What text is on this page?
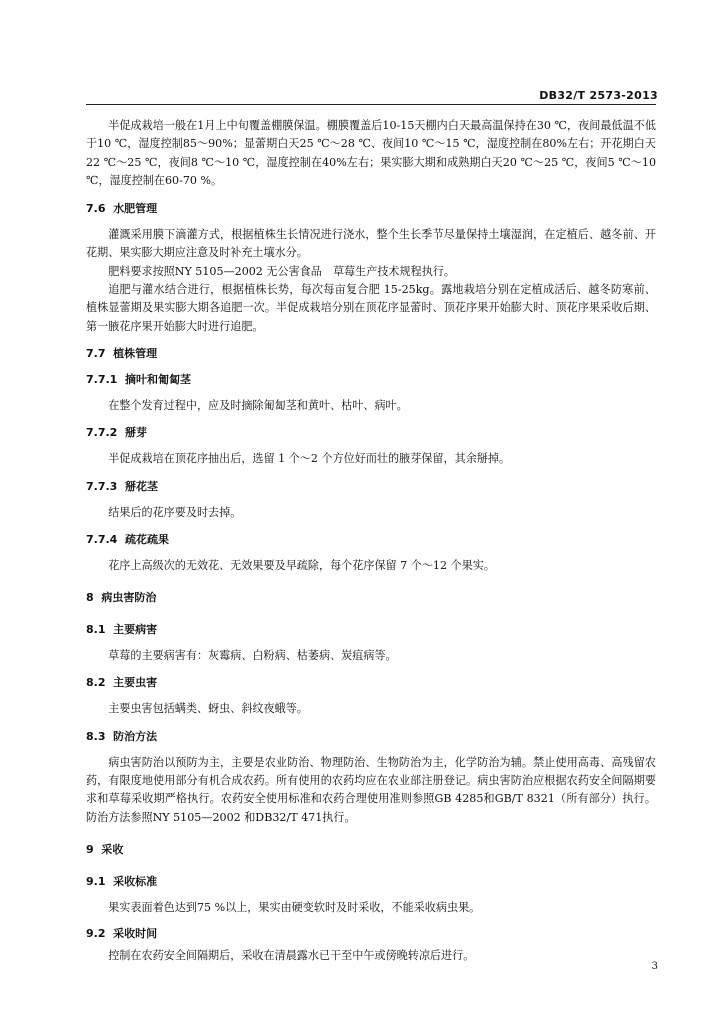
DB32/T 2573-2013

半促成栽培一般在1月上中旬覆盖棚膜保温。棚膜覆盖后10-15天棚内白天最高温保持在30 ℃，夜间最低温不低于10 ℃，湿度控制85～90%；显蕾期白天25 ℃～28 ℃、夜间10 ℃～15 ℃，湿度控制在80%左右；开花期白天22 ℃～25 ℃，夜间8 ℃～10 ℃，湿度控制在40%左右；果实膨大期和成熟期白天20 ℃～25 ℃，夜间5 ℃～10 ℃，湿度控制在60-70 %。

7.6 水肥管理

灌溉采用膜下滴灌方式，根据植株生长情况进行浇水，整个生长季节尽量保持土壤湿润，在定植后、越冬前、开花期、果实膨大期应注意及时补充土壤水分。

肥料要求按照NY 5105—2002 无公害食品　草莓生产技术规程执行。

追肥与灌水结合进行，根据植株长势，每次每亩复合肥 15-25kg。露地栽培分别在定植成活后、越冬防寒前、植株显蕾期及果实膨大期各追肥一次。半促成栽培分别在顶花序显蕾时、顶花序果开始膨大时、顶花序果采收后期、第一腋花序果开始膨大时进行追肥。

7.7 植株管理
7.7.1 摘叶和匍匐茎

在整个发育过程中，应及时摘除匍匐茎和黄叶、枯叶、病叶。

7.7.2 掰芽

半促成栽培在顶花序抽出后，选留 1 个～2 个方位好而壮的腋芽保留，其余掰掉。

7.7.3 掰花茎

结果后的花序要及时去掉。

7.7.4 疏花疏果

花序上高级次的无效花、无效果要及早疏除，每个花序保留 7 个～12 个果实。

8 病虫害防治
8.1 主要病害

草莓的主要病害有：灰霉病、白粉病、枯萎病、炭疽病等。

8.2 主要虫害

主要虫害包括螨类、蚜虫、斜纹夜蛾等。

8.3 防治方法

病虫害防治以预防为主，主要是农业防治、物理防治、生物防治为主，化学防治为辅。禁止使用高毒、高残留农药，有限度地使用部分有机合成农药。所有使用的农药均应在农业部注册登记。病虫害防治应根据农药安全间隔期要求和草莓采收期严格执行。农药安全使用标准和农药合理使用准则参照GB 4285和GB/T 8321（所有部分）执行。防治方法参照NY 5105—2002 和DB32/T 471执行。

9 采收
9.1 采收标准

果实表面着色达到75 %以上，果实由硬变软时及时采收，不能采收病虫果。

9.2 采收时间

控制在农药安全间隔期后，采收在清晨露水已干至中午或傍晚转凉后进行。

3
